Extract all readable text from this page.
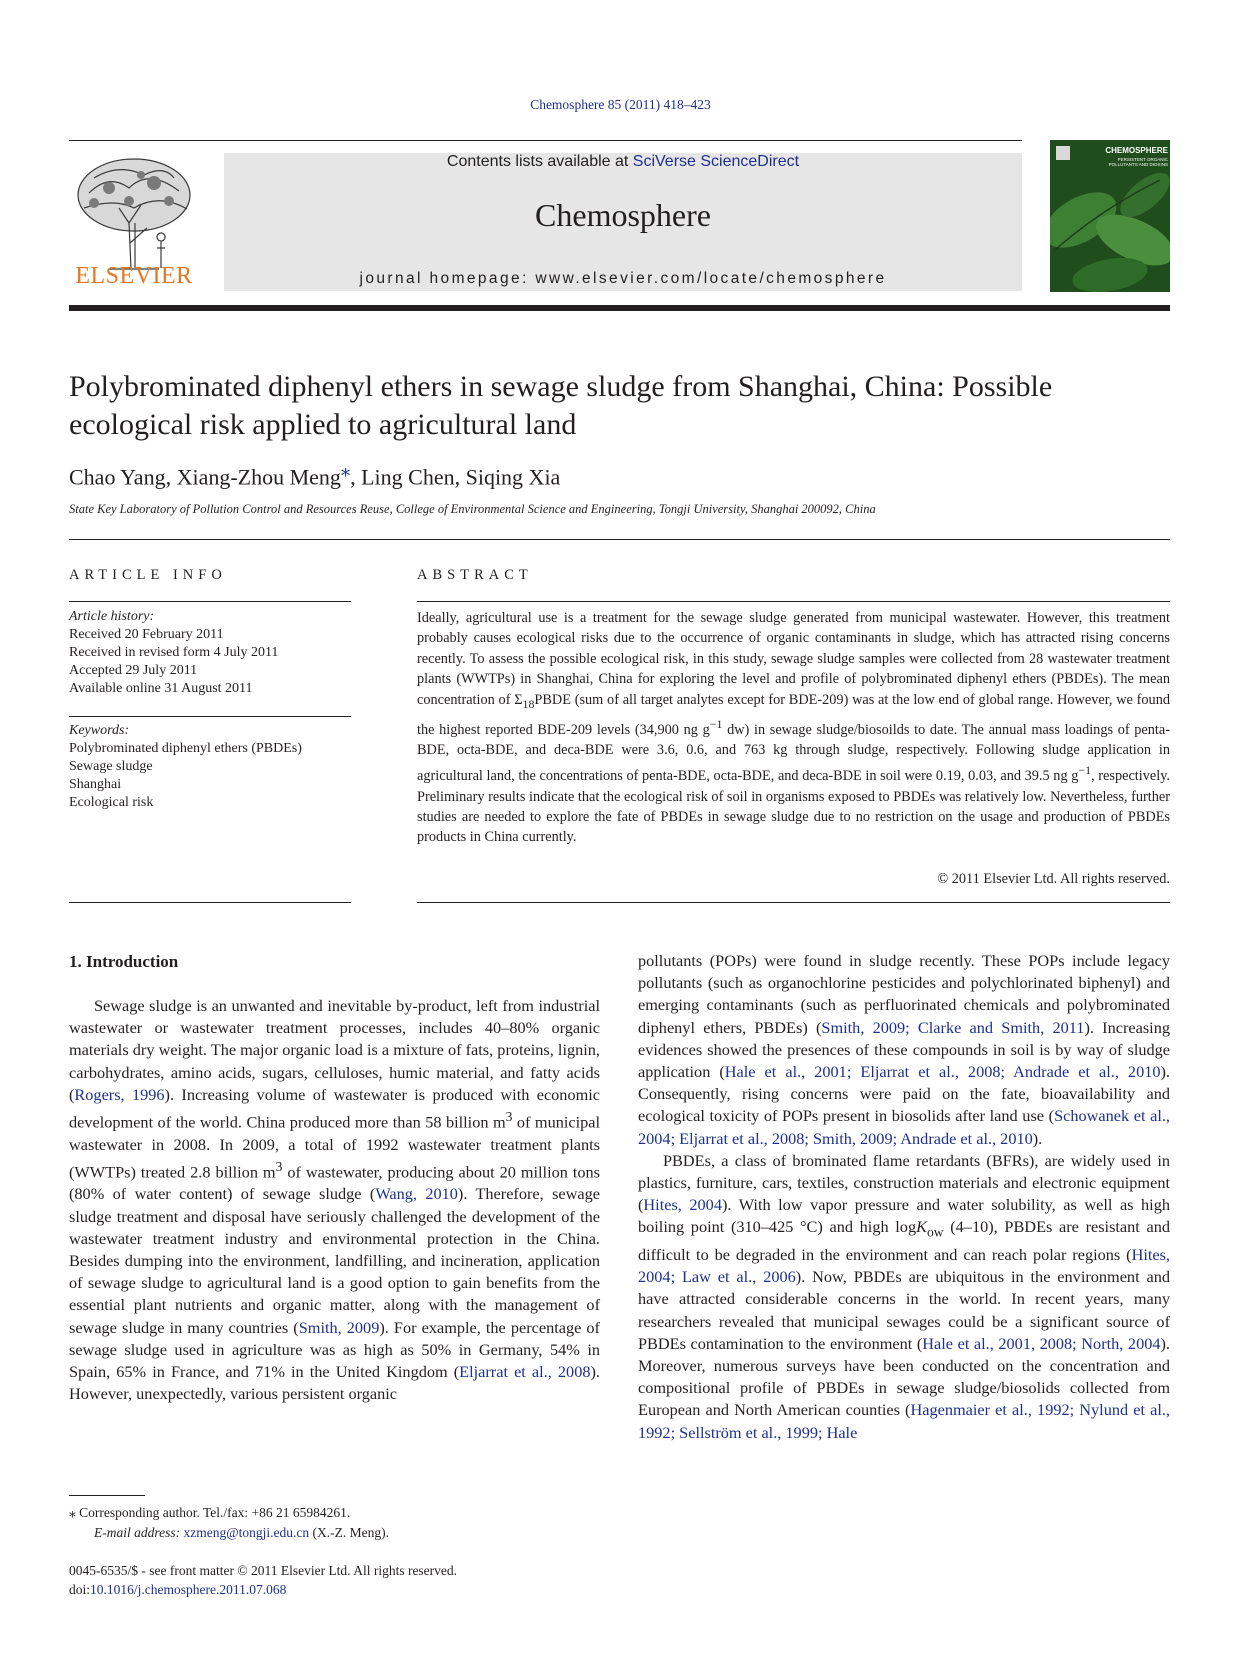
Chemosphere 85 (2011) 418–423
ELSEVIER
Contents lists available at SciVerse ScienceDirect
Chemosphere
journal homepage: www.elsevier.com/locate/chemosphere
CHEMOSPHERE
PERSISTENT ORGANIC POLLUTANTS AND DIOXINS
Polybrominated diphenyl ethers in sewage sludge from Shanghai, China: Possible ecological risk applied to agricultural land
Chao Yang, Xiang-Zhou Meng⁎, Ling Chen, Siqing Xia
State Key Laboratory of Pollution Control and Resources Reuse, College of Environmental Science and Engineering, Tongji University, Shanghai 200092, China
ARTICLE INFO	ABSTRACT
Article history:
Received 20 February 2011
Received in revised form 4 July 2011
Accepted 29 July 2011
Available online 31 August 2011
Keywords:
Polybrominated diphenyl ethers (PBDEs)
Sewage sludge
Shanghai
Ecological risk
Ideally, agricultural use is a treatment for the sewage sludge generated from municipal wastewater. However, this treatment probably causes ecological risks due to the occurrence of organic contaminants in sludge, which has attracted rising concerns recently. To assess the possible ecological risk, in this study, sewage sludge samples were collected from 28 wastewater treatment plants (WWTPs) in Shanghai, China for exploring the level and profile of polybrominated diphenyl ethers (PBDEs). The mean concentration of $\Sigma_{18}PBDE$ (sum of all target analytes except for BDE-209) was at the low end of global range. However, we found the highest reported BDE-209 levels (34,900 ng $g^{-1}$ dw) in sewage sludge/biosoilds to date. The annual mass loadings of penta-BDE, octa-BDE, and deca-BDE were 3.6, 0.6, and 763 kg through sludge, respectively. Following sludge application in agricultural land, the concentrations of penta-BDE, octa-BDE, and deca-BDE in soil were 0.19, 0.03, and 39.5 ng $g^{-1}$, respectively. Preliminary results indicate that the ecological risk of soil in organisms exposed to PBDEs was relatively low. Nevertheless, further studies are needed to explore the fate of PBDEs in sewage sludge due to no restriction on the usage and production of PBDEs products in China currently.
© 2011 Elsevier Ltd. All rights reserved.
1. Introduction

Sewage sludge is an unwanted and inevitable by-product, left from industrial wastewater or wastewater treatment processes, includes 40–80% organic materials dry weight. The major organic load is a mixture of fats, proteins, lignin, carbohydrates, amino acids, sugars, celluloses, humic material, and fatty acids (Rogers, 1996). Increasing volume of wastewater is produced with economic development of the world. China produced more than 58 billion $m^3$ of municipal wastewater in 2008. In 2009, a total of 1992 wastewater treatment plants (WWTPs) treated 2.8 billion $m^3$ of wastewater, producing about 20 million tons (80% of water content) of sewage sludge (Wang, 2010). Therefore, sewage sludge treatment and disposal have seriously challenged the development of the wastewater treatment industry and environmental protection in the China. Besides dumping into the environment, landfilling, and incineration, application of sewage sludge to agricultural land is a good option to gain benefits from the essential plant nutrients and organic matter, along with the management of sewage sludge in many countries (Smith, 2009). For example, the percentage of sewage sludge used in agriculture was as high as 50% in Germany, 54% in Spain, 65% in France, and 71% in the United Kingdom (Eljarrat et al., 2008). However, unexpectedly, various persistent organic

pollutants (POPs) were found in sludge recently. These POPs include legacy pollutants (such as organochlorine pesticides and polychlorinated biphenyl) and emerging contaminants (such as perfluorinated chemicals and polybrominated diphenyl ethers, PBDEs) (Smith, 2009; Clarke and Smith, 2011). Increasing evidences showed the presences of these compounds in soil is by way of sludge application (Hale et al., 2001; Eljarrat et al., 2008; Andrade et al., 2010). Consequently, rising concerns were paid on the fate, bioavailability and ecological toxicity of POPs present in biosolids after land use (Schowanek et al., 2004; Eljarrat et al., 2008; Smith, 2009; Andrade et al., 2010).

PBDEs, a class of brominated flame retardants (BFRs), are widely used in plastics, furniture, cars, textiles, construction materials and electronic equipment (Hites, 2004). With low vapor pressure and water solubility, as well as high boiling point (310–425 °C) and high logK$_{ow}$ (4–10), PBDEs are resistant and difficult to be degraded in the environment and can reach polar regions (Hites, 2004; Law et al., 2006). Now, PBDEs are ubiquitous in the environment and have attracted considerable concerns in the world. In recent years, many researchers revealed that municipal sewages could be a significant source of PBDEs contamination to the environment (Hale et al., 2001, 2008; North, 2004). Moreover, numerous surveys have been conducted on the concentration and compositional profile of PBDEs in sewage sludge/biosolids collected from European and North American counties (Hagenmaier et al., 1992; Nylund et al., 1992; Sellström et al., 1999; Hale

⁎ Corresponding author. Tel./fax: +86 21 65984261.
E-mail address: xzmeng@tongji.edu.cn (X.-Z. Meng).
0045-6535/$ - see front matter © 2011 Elsevier Ltd. All rights reserved.
doi:10.1016/j.chemosphere.2011.07.068
